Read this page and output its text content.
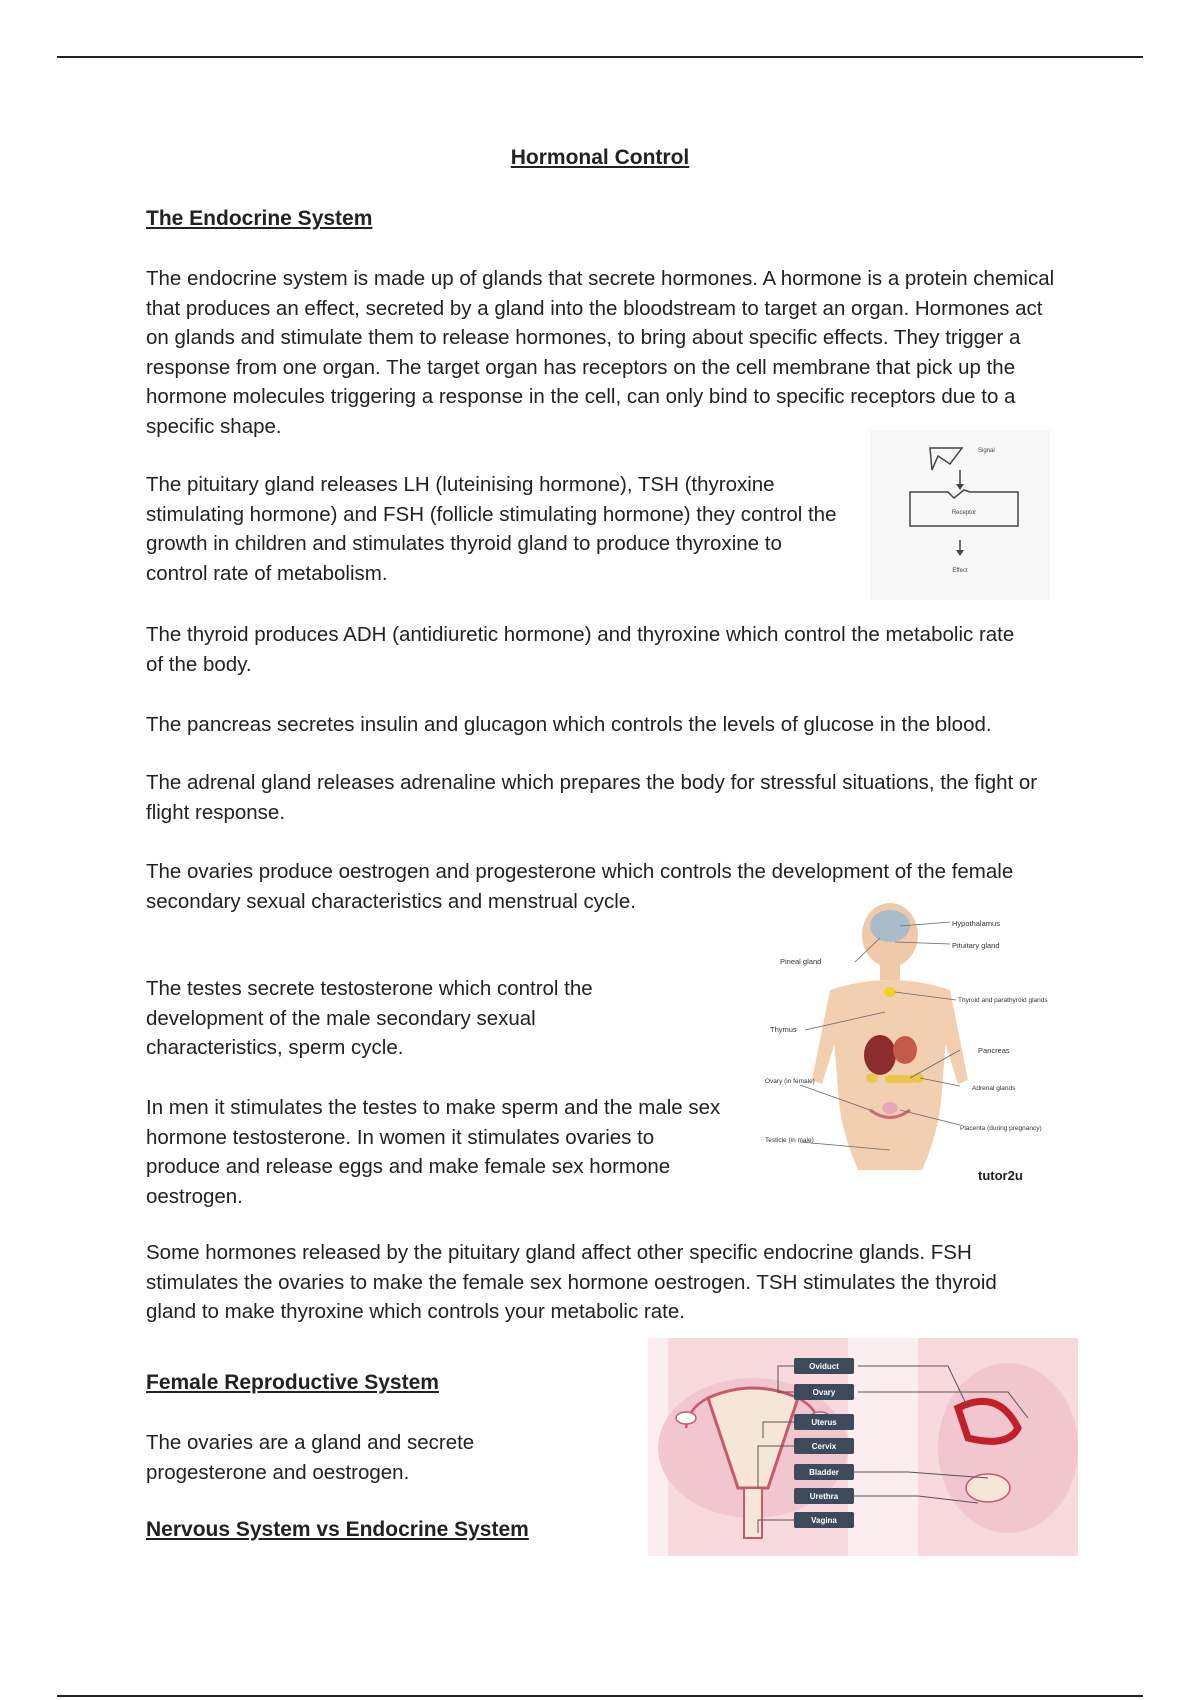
Hormonal Control
The Endocrine System

The endocrine system is made up of glands that secrete hormones. A hormone is a protein chemical that produces an effect, secreted by a gland into the bloodstream to target an organ. Hormones act on glands and stimulate them to release hormones, to bring about specific effects. They trigger a response from one organ. The target organ has receptors on the cell membrane that pick up the hormone molecules triggering a response in the cell, can only bind to specific receptors due to a specific shape.

The pituitary gland releases LH (luteinising hormone), TSH (thyroxine stimulating hormone) and FSH (follicle stimulating hormone) they control the growth in children and stimulates thyroid gland to produce thyroxine to control rate of metabolism.

Signal
Receptor
Effect

The thyroid produces ADH (antidiuretic hormone) and thyroxine which control the metabolic rate of the body.

The pancreas secretes insulin and glucagon which controls the levels of glucose in the blood.

The adrenal gland releases adrenaline which prepares the body for stressful situations, the fight or flight response.

The ovaries produce oestrogen and progesterone which controls the development of the female secondary sexual characteristics and menstrual cycle.

The testes secrete testosterone which control the development of the male secondary sexual characteristics, sperm cycle.

In men it stimulates the testes to make sperm and the male sex hormone testosterone. In women it stimulates ovaries to produce and release eggs and make female sex hormone oestrogen.

Hypothalamus
Pituitary gland
Pineal gland
Thyroid and parathyroid glands
Thymus
Pancreas
Ovary (in female)
Adrenal glands
Placenta (during pregnancy)
Testicle (in male)
tutor2u

Some hormones released by the pituitary gland affect other specific endocrine glands. FSH stimulates the ovaries to make the female sex hormone oestrogen. TSH stimulates the thyroid gland to make thyroxine which controls your metabolic rate.

Female Reproductive System

The ovaries are a gland and secrete progesterone and oestrogen.

Nervous System vs Endocrine System
Oviduct
Ovary
Uterus
Cervix
Bladder
Urethra
Vagina
